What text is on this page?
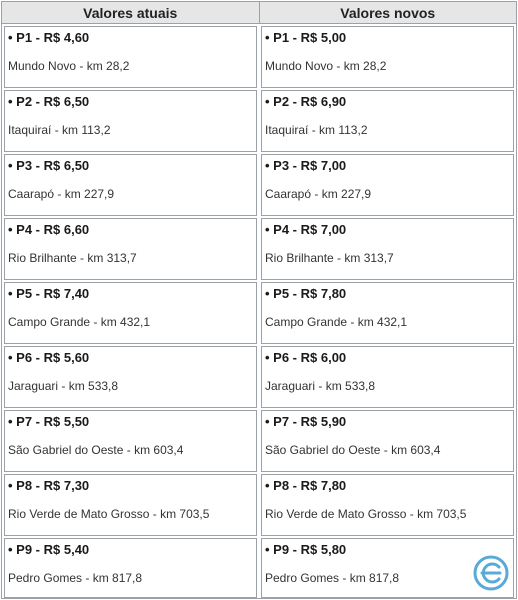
Valores atuais	Valores novos
• P1 - R$ 4,60
Mundo Novo - km 28,2
• P1 - R$ 5,00
Mundo Novo - km 28,2
• P2 - R$ 6,50
Itaquiraí - km 113,2
• P2 - R$ 6,90
Itaquiraí - km 113,2
• P3 - R$ 6,50
Caarapó - km 227,9
• P3 - R$ 7,00
Caarapó - km 227,9
• P4 - R$ 6,60
Rio Brilhante - km 313,7
• P4 - R$ 7,00
Rio Brilhante - km 313,7
• P5 - R$ 7,40
Campo Grande - km 432,1
• P5 - R$ 7,80
Campo Grande - km 432,1
• P6 - R$ 5,60
Jaraguari - km 533,8
• P6 - R$ 6,00
Jaraguari - km 533,8
• P7 - R$ 5,50
São Gabriel do Oeste - km 603,4
• P7 - R$ 5,90
São Gabriel do Oeste - km 603,4
• P8 - R$ 7,30
Rio Verde de Mato Grosso - km 703,5
• P8 - R$ 7,80
Rio Verde de Mato Grosso - km 703,5
• P9 - R$ 5,40
Pedro Gomes - km 817,8
• P9 - R$ 5,80
Pedro Gomes - km 817,8
